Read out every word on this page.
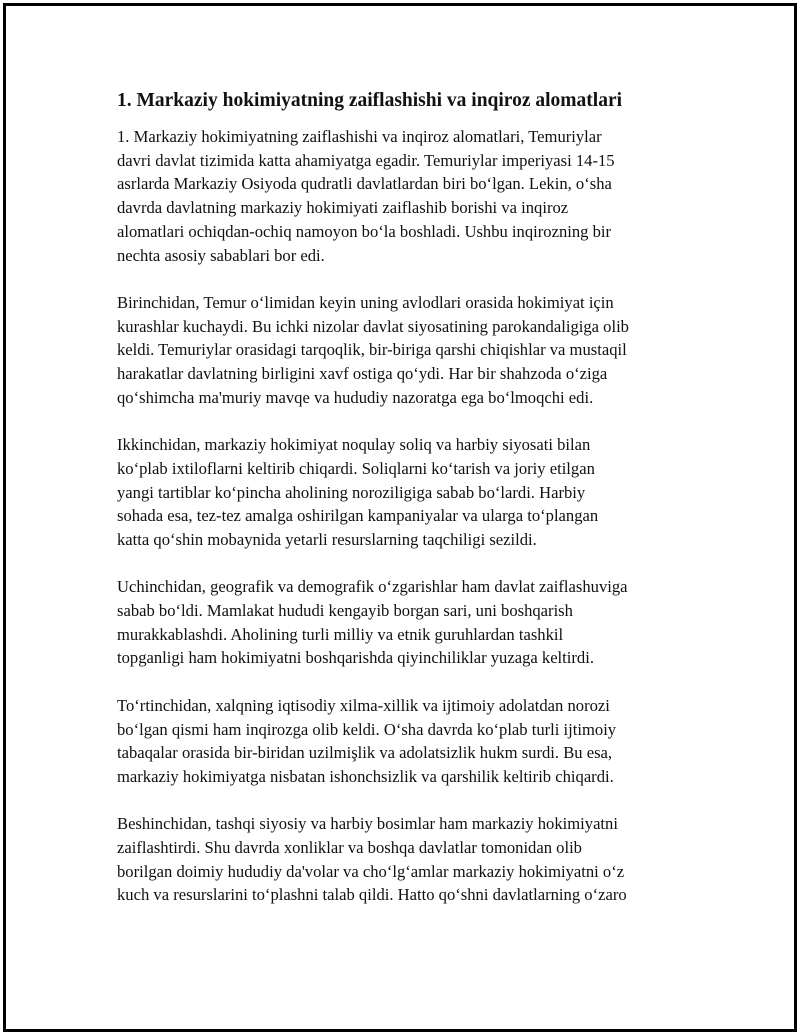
1. Markaziy hokimiyatning zaiflashishi va inqiroz alomatlari
1. Markaziy hokimiyatning zaiflashishi va inqiroz alomatlari, Temuriylar
davri davlat tizimida katta ahamiyatga egadir. Temuriylar imperiyasi 14-15
asrlarda Markaziy Osiyoda qudratli davlatlardan biri bo‘lgan. Lekin, o‘sha
davrda davlatning markaziy hokimiyati zaiflashib borishi va inqiroz
alomatlari ochiqdan-ochiq namoyon bo‘la boshladi. Ushbu inqirozning bir
nechta asosiy sabablari bor edi.
Birinchidan, Temur o‘limidan keyin uning avlodlari orasida hokimiyat için
kurashlar kuchaydi. Bu ichki nizolar davlat siyosatining parokandaligiga olib
keldi. Temuriylar orasidagi tarqoqlik, bir-biriga qarshi chiqishlar va mustaqil
harakatlar davlatning birligini xavf ostiga qo‘ydi. Har bir shahzoda o‘ziga
qo‘shimcha ma'muriy mavqe va hududiy nazoratga ega bo‘lmoqchi edi.
Ikkinchidan, markaziy hokimiyat noqulay soliq va harbiy siyosati bilan
ko‘plab ixtiloflarni keltirib chiqardi. Soliqlarni ko‘tarish va joriy etilgan
yangi tartiblar ko‘pincha aholining noroziligiga sabab bo‘lardi. Harbiy
sohada esa, tez-tez amalga oshirilgan kampaniyalar va ularga to‘plangan
katta qo‘shin mobaynida yetarli resurslarning taqchiligi sezildi.
Uchinchidan, geografik va demografik o‘zgarishlar ham davlat zaiflashuviga
sabab bo‘ldi. Mamlakat hududi kengayib borgan sari, uni boshqarish
murakkablashdi. Aholining turli milliy va etnik guruhlardan tashkil
topganligi ham hokimiyatni boshqarishda qiyinchiliklar yuzaga keltirdi.
To‘rtinchidan, xalqning iqtisodiy xilma-xillik va ijtimoiy adolatdan norozi
bo‘lgan qismi ham inqirozga olib keldi. O‘sha davrda ko‘plab turli ijtimoiy
tabaqalar orasida bir-biridan uzilmişlik va adolatsizlik hukm surdi. Bu esa,
markaziy hokimiyatga nisbatan ishonchsizlik va qarshilik keltirib chiqardi.
Beshinchidan, tashqi siyosiy va harbiy bosimlar ham markaziy hokimiyatni
zaiflashtirdi. Shu davrda xonliklar va boshqa davlatlar tomonidan olib
borilgan doimiy hududiy da'volar va cho‘lg‘amlar markaziy hokimiyatni o‘z
kuch va resurslarini to‘plashni talab qildi. Hatto qo‘shni davlatlarning o‘zaro
